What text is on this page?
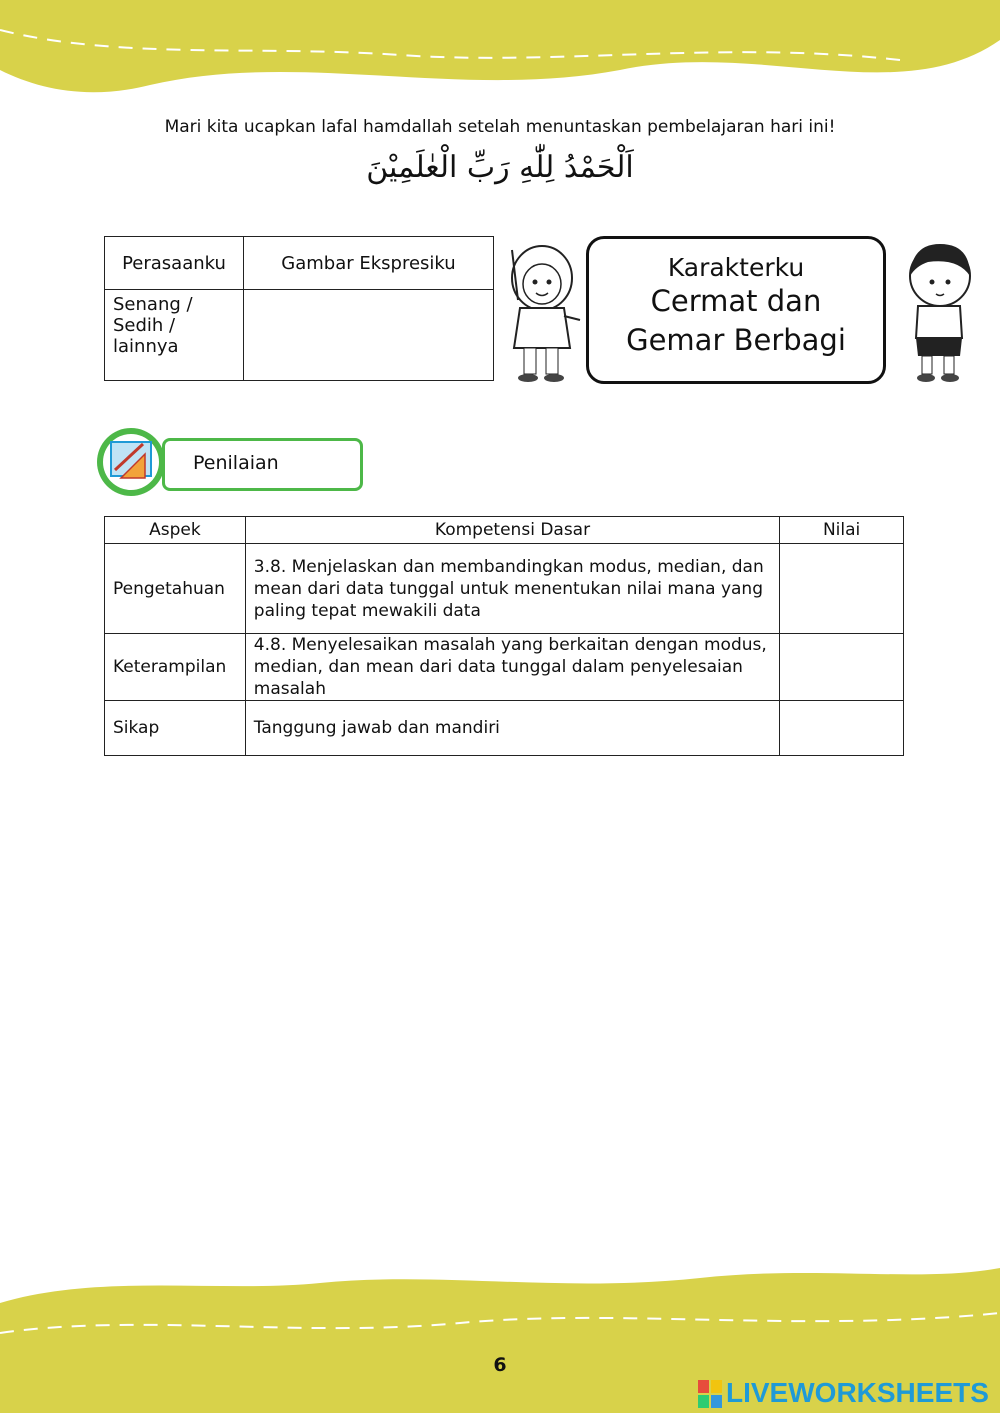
Mari kita ucapkan lafal hamdallah setelah menuntaskan pembelajaran hari ini!
اَلْحَمْدُ لِلّٰهِ رَبِّ الْعٰلَمِيْنَ
Perasaanku	Gambar Ekspresiku
Senang / Sedih / lainnya	
Karakterku
Cermat dan
Gemar Berbagi
Penilaian
Aspek	Kompetensi Dasar	Nilai
Pengetahuan	3.8. Menjelaskan dan membandingkan modus, median, dan mean dari data tunggal untuk menentukan nilai mana yang paling tepat mewakili data	
Keterampilan	4.8. Menyelesaikan masalah yang berkaitan dengan modus, median, dan mean dari data tunggal dalam penyelesaian masalah	
Sikap	Tanggung jawab dan mandiri	
6
LIVEWORKSHEETS
